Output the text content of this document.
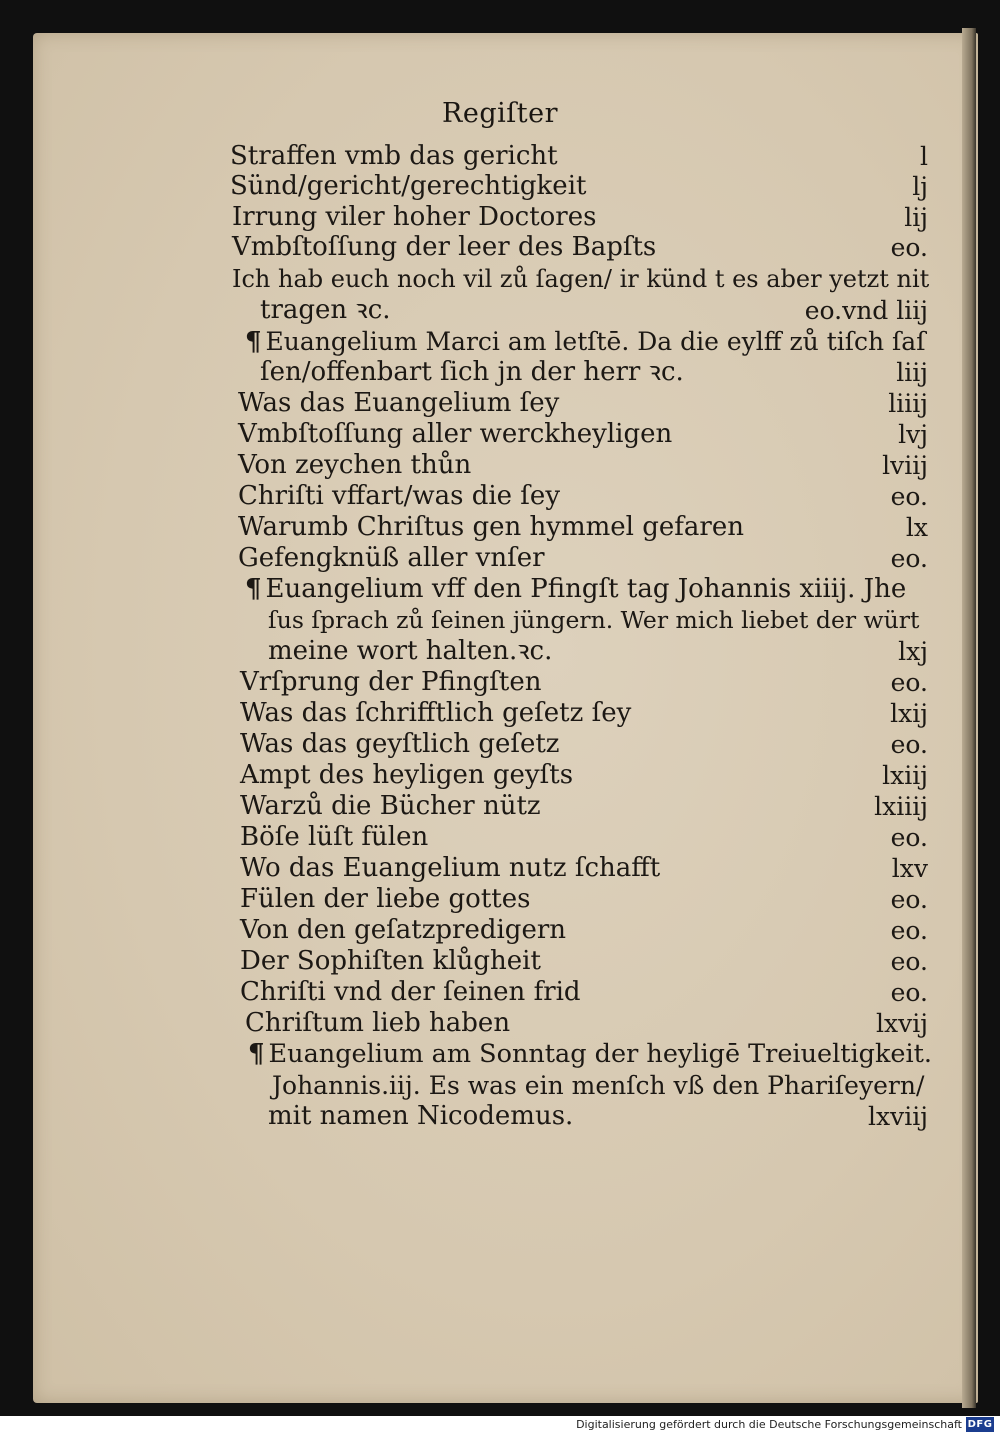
Regiſter
Straffen vmb das gericht	l
Sünd/gericht/gerechtigkeit	lj
Irrung viler hoher Doctores	lij
Vmbſtoſſung der leer des Bapſts	eo.
Ich hab euch noch vil zů ſagen/ ir künd t es aber yetzt nit
tragen ꝛc.	eo.vnd liij
¶ Euangelium Marci am letſtē. Da die eylff zů tiſch ſaſ
ſen/offenbart ſich jn der herr ꝛc.	liij
Was das Euangelium ſey	liiij
Vmbſtoſſung aller werckheyligen	lvj
Von zeychen thůn	lviij
Chriſti vffart/was die ſey	eo.
Warumb Chriſtus gen hymmel gefaren	lx
Gefengknüß aller vnſer	eo.
¶ Euangelium vff den Pfingſt tag Johannis xiiij. Jhe
ſus ſprach zů ſeinen jüngern. Wer mich liebet der würt
meine wort halten.ꝛc.	lxj
Vrſprung der Pfingſten	eo.
Was das ſchrifftlich geſetz ſey	lxij
Was das geyſtlich geſetz	eo.
Ampt des heyligen geyſts	lxiij
Warzů die Bücher nütz	lxiiij
Böſe lüſt fülen	eo.
Wo das Euangelium nutz ſchafft	lxv
Fülen der liebe gottes	eo.
Von den geſatzpredigern	eo.
Der Sophiſten klůgheit	eo.
Chriſti vnd der ſeinen frid	eo.
Chriſtum lieb haben	lxvij
¶ Euangelium am Sonntag der heyligē Treiueltigkeit.
Johannis.iij. Es was ein menſch vß den Phariſeyern/
mit namen Nicodemus.	lxviij
Digitalisierung gefördert durch die Deutsche Forschungsgemeinschaft DFG
